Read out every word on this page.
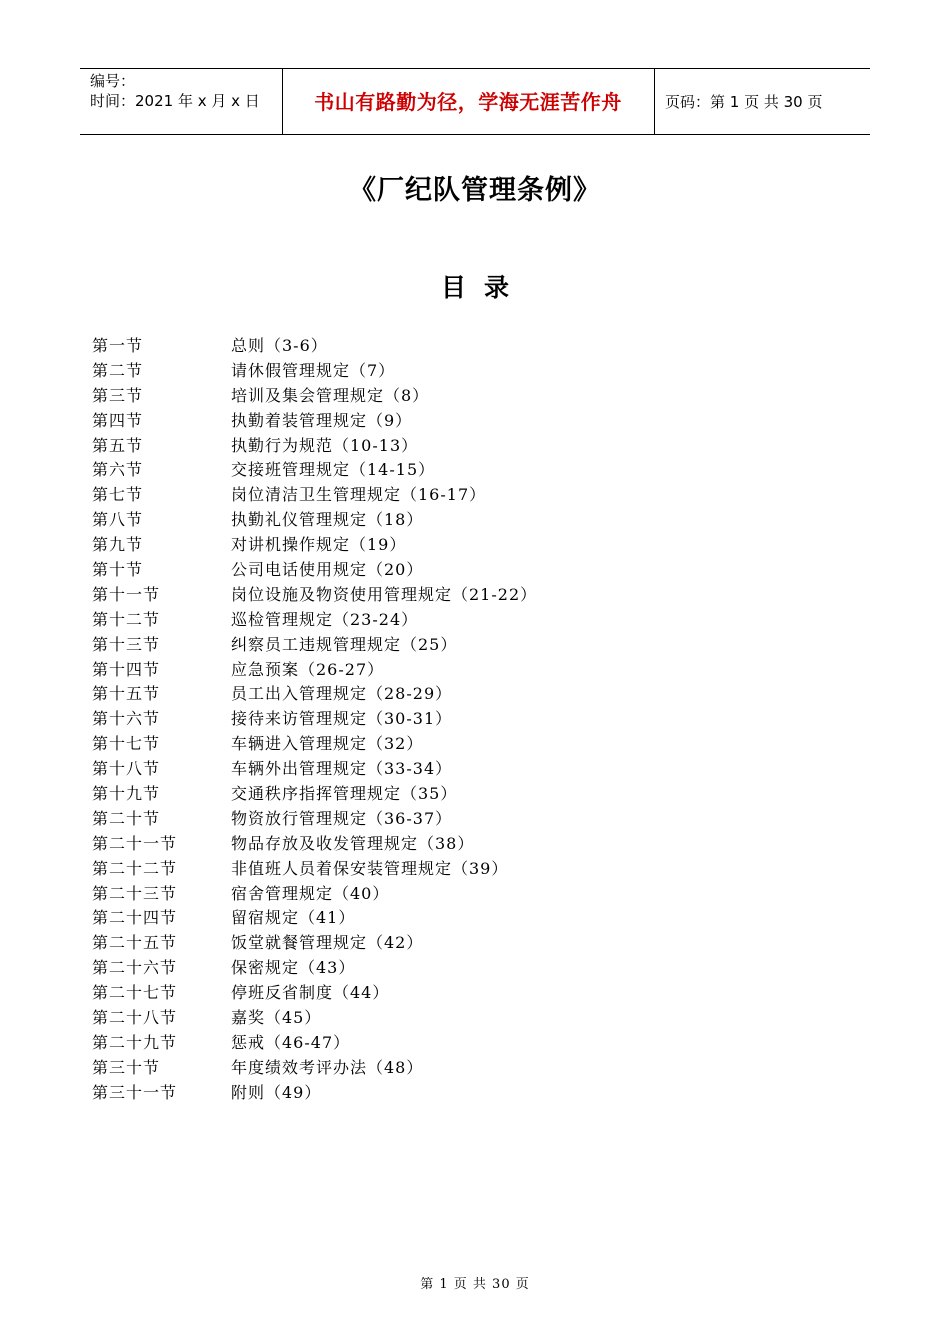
编号：
时间：2021 年 x 月 x 日	书山有路勤为径，学海无涯苦作舟	页码：第 1 页 共 30 页
《厂纪队管理条例》
目录
第一节	总则（3-6）
第二节	请休假管理规定（7）
第三节	培训及集会管理规定（8）
第四节	执勤着装管理规定（9）
第五节	执勤行为规范（10-13）
第六节	交接班管理规定（14-15）
第七节	岗位清洁卫生管理规定（16-17）
第八节	执勤礼仪管理规定（18）
第九节	对讲机操作规定（19）
第十节	公司电话使用规定（20）
第十一节	岗位设施及物资使用管理规定（21-22）
第十二节	巡检管理规定（23-24）
第十三节	纠察员工违规管理规定（25）
第十四节	应急预案（26-27）
第十五节	员工出入管理规定（28-29）
第十六节	接待来访管理规定（30-31）
第十七节	车辆进入管理规定（32）
第十八节	车辆外出管理规定（33-34）
第十九节	交通秩序指挥管理规定（35）
第二十节	物资放行管理规定（36-37）
第二十一节	物品存放及收发管理规定（38）
第二十二节	非值班人员着保安装管理规定（39）
第二十三节	宿舍管理规定（40）
第二十四节	留宿规定（41）
第二十五节	饭堂就餐管理规定（42）
第二十六节	保密规定（43）
第二十七节	停班反省制度（44）
第二十八节	嘉奖（45）
第二十九节	惩戒（46-47）
第三十节	年度绩效考评办法（48）
第三十一节	附则（49）
第 1 页 共 30 页
